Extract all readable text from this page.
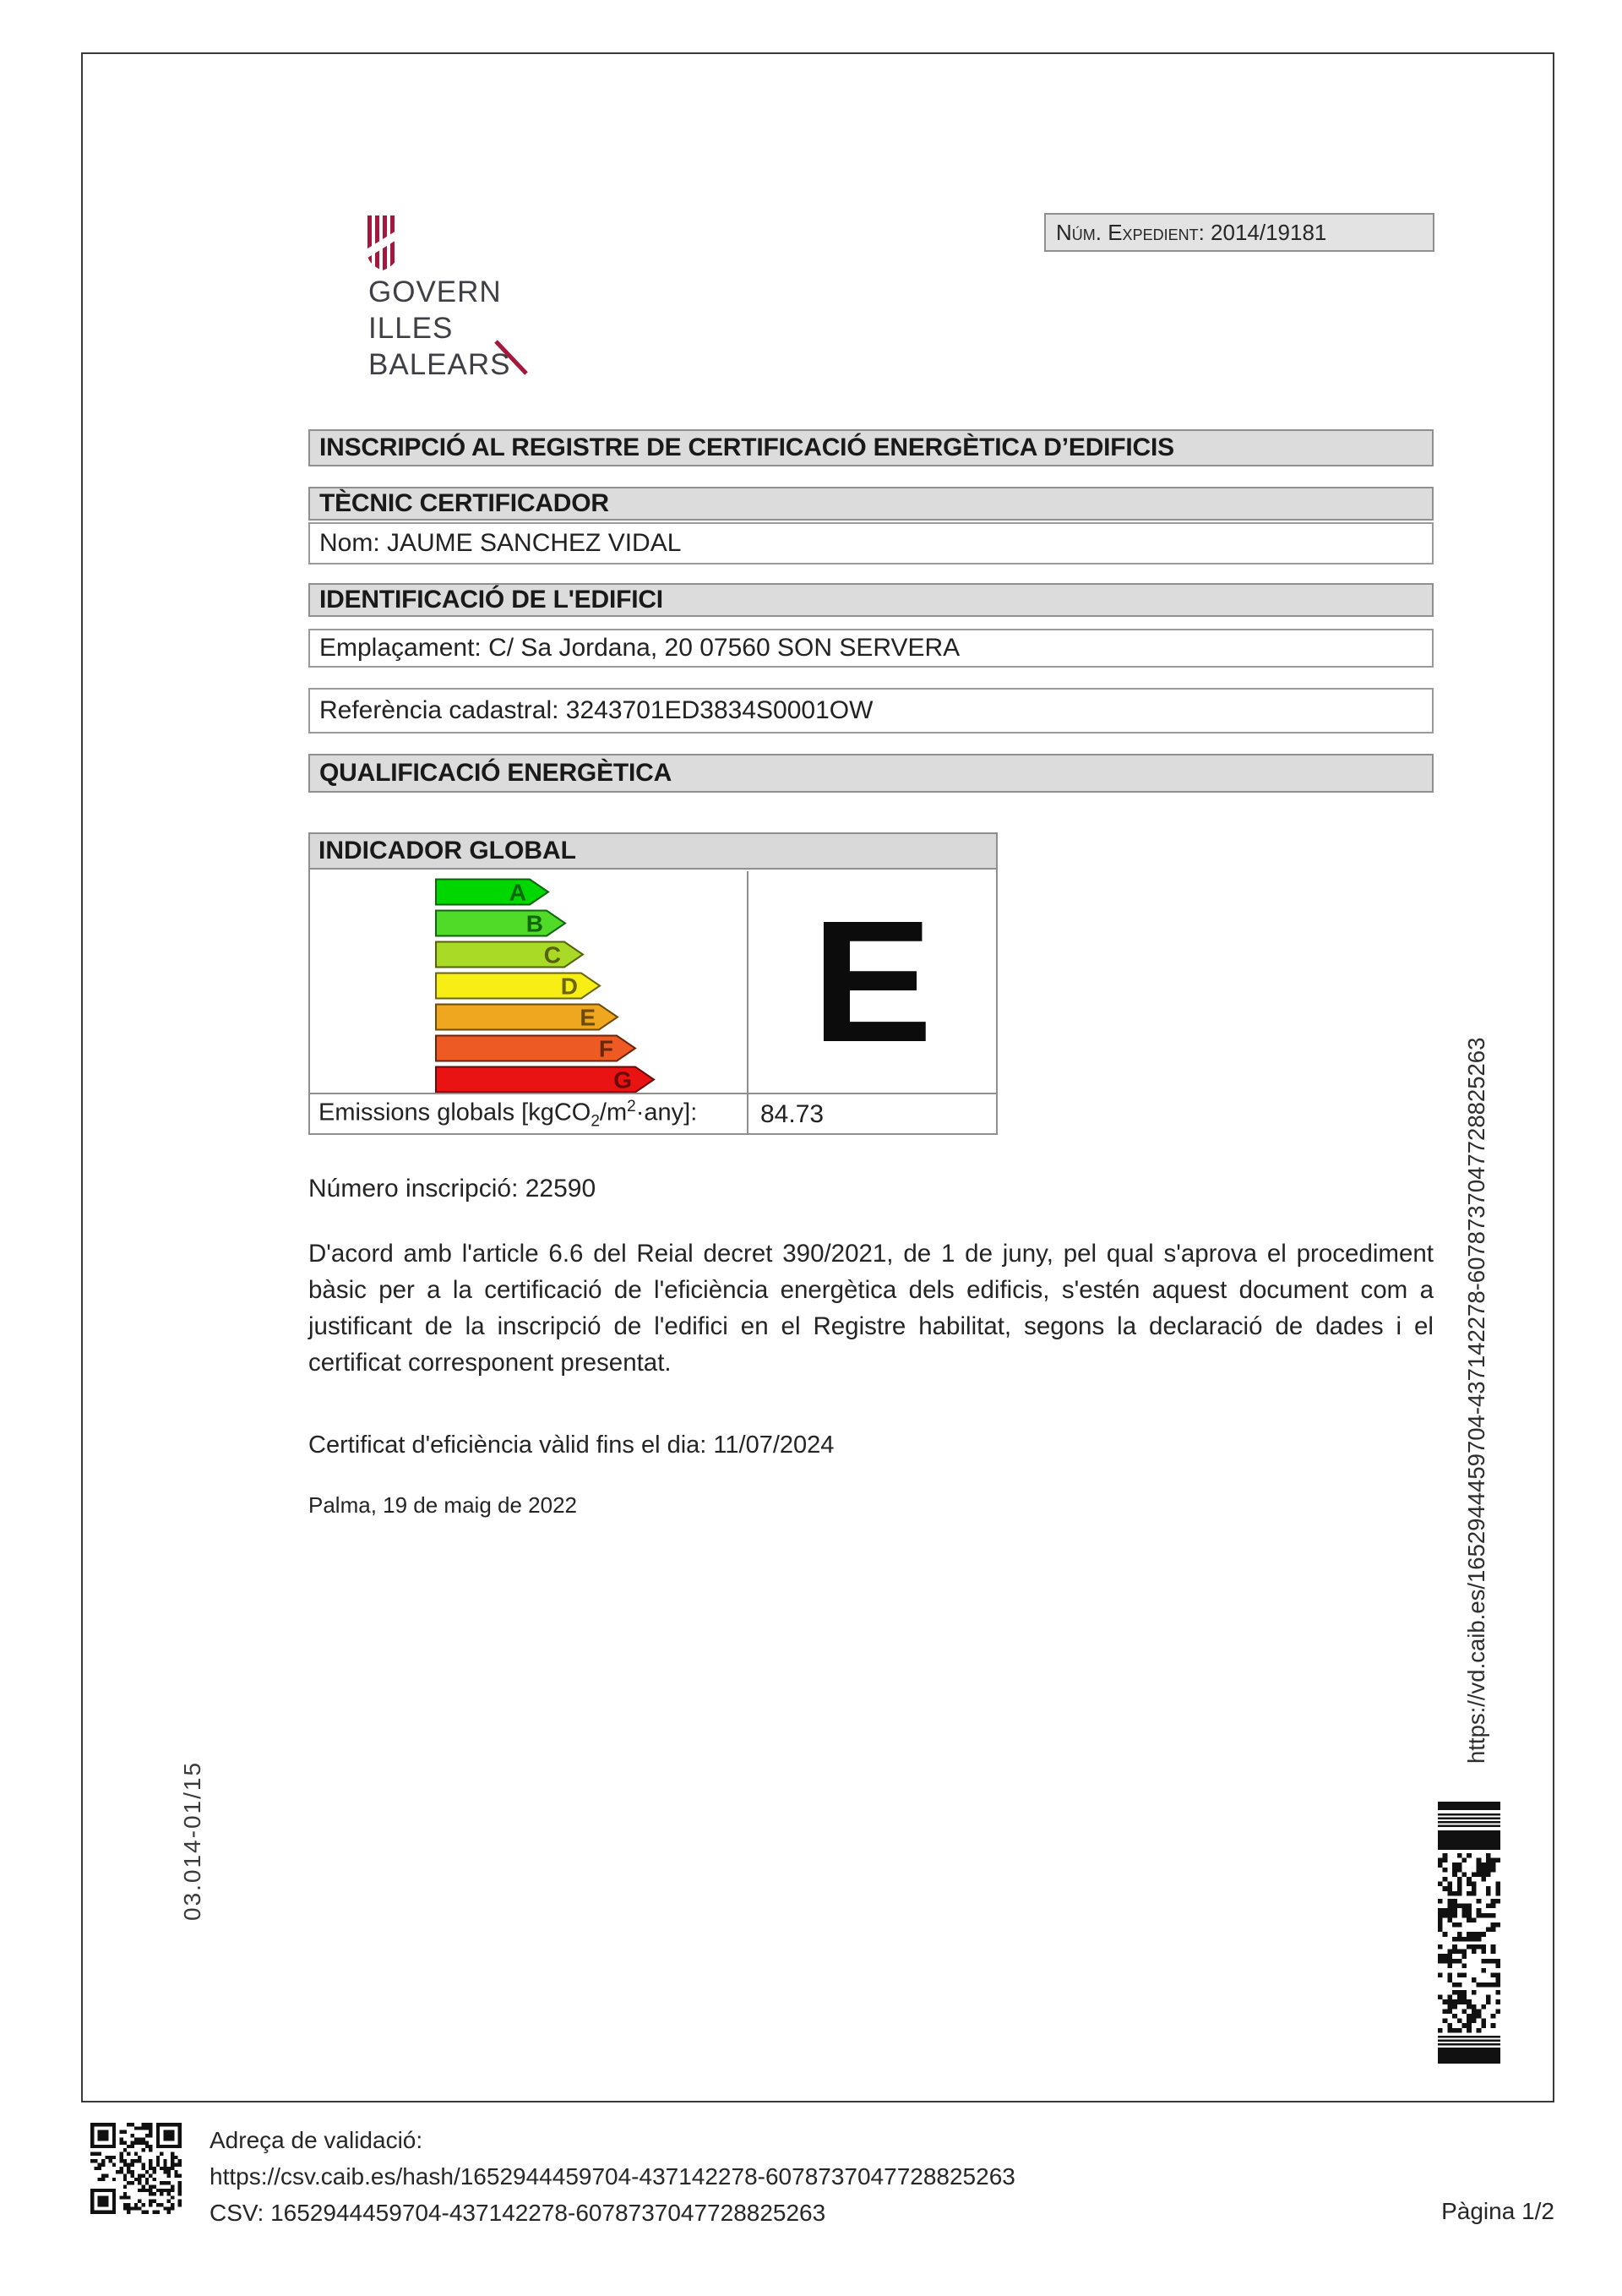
GOVERN
ILLES
BALEARS
Núm. Expedient: 2014/19181
INSCRIPCIÓ AL REGISTRE DE CERTIFICACIÓ ENERGÈTICA D’EDIFICIS
TÈCNIC CERTIFICADOR
Nom: JAUME SANCHEZ VIDAL
IDENTIFICACIÓ DE L'EDIFICI
Emplaçament: C/ Sa Jordana, 20 07560 SON SERVERA
Referència cadastral: 3243701ED3834S0001OW
QUALIFICACIÓ ENERGÈTICA
INDICADOR GLOBAL
A
B
C
D
E
F
G
E
Emissions globals $[kgCO_2/m^2\cdot any]$: 84.73
Número inscripció: 22590
D'acord amb l'article 6.6 del Reial decret 390/2021, de 1 de juny, pel qual s'aprova el procediment bàsic per a la certificació de l'eficiència energètica dels edificis, s'estén aquest document com a justificant de la inscripció de l'edifici en el Registre habilitat, segons la declaració de dades i el certificat corresponent presentat.
Certificat d'eficiència vàlid fins el dia: 11/07/2024
Palma, 19 de maig de 2022
03.014-01/15
https://vd.caib.es/1652944459704-437142278-6078737047728825263
Adreça de validació:
https://csv.caib.es/hash/1652944459704-437142278-6078737047728825263
CSV: 1652944459704-437142278-6078737047728825263	Pàgina 1/2
